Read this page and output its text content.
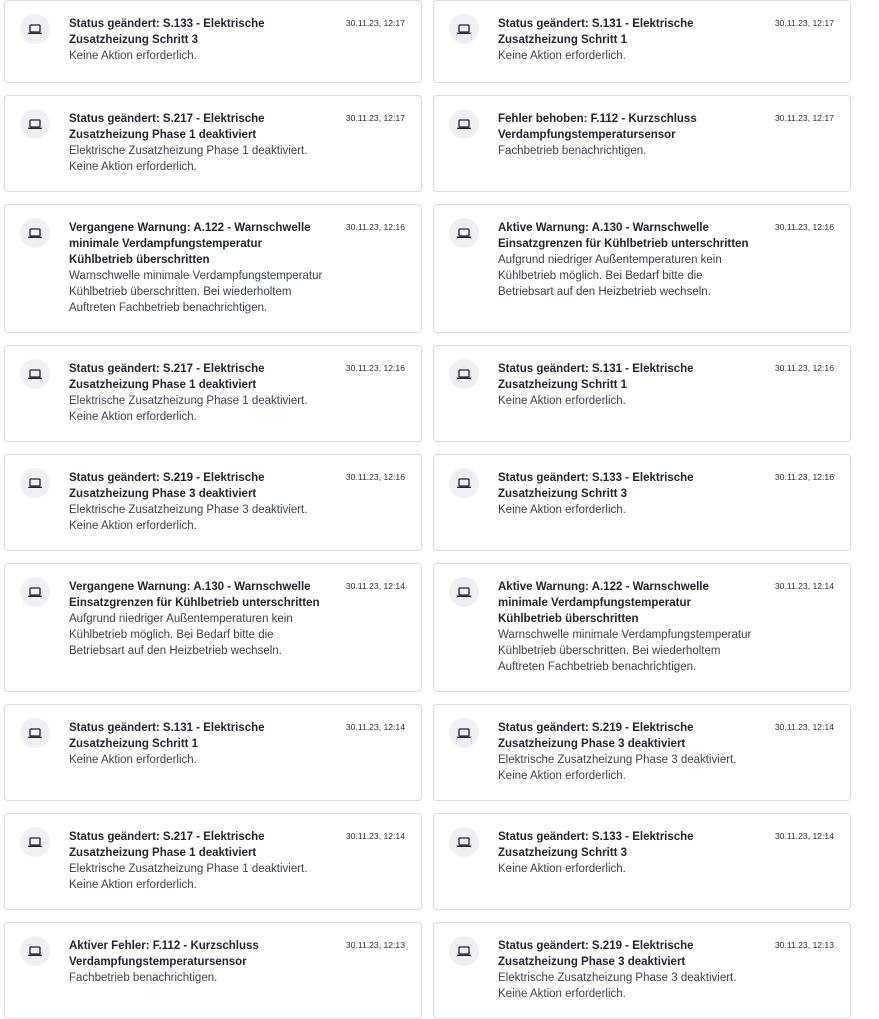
Status geändert: S.133 - Elektrische Zusatzheizung Schritt 3
Keine Aktion erforderlich.
30.11.23, 12:17	Status geändert: S.131 - Elektrische Zusatzheizung Schritt 1
Keine Aktion erforderlich.
30.11.23, 12:17
Status geändert: S.217 - Elektrische Zusatzheizung Phase 1 deaktiviert
Elektrische Zusatzheizung Phase 1 deaktiviert. Keine Aktion erforderlich.
30.11.23, 12:17	Fehler behoben: F.112 - Kurzschluss Verdampfungstemperatursensor
Fachbetrieb benachrichtigen.
30.11.23, 12:17
Vergangene Warnung: A.122 - Warnschwelle minimale Verdampfungstemperatur Kühlbetrieb überschritten
Warnschwelle minimale Verdampfungstemperatur Kühlbetrieb überschritten. Bei wiederholtem Auftreten Fachbetrieb benachrichtigen.
30.11.23, 12:16	Aktive Warnung: A.130 - Warnschwelle Einsatzgrenzen für Kühlbetrieb unterschritten
Aufgrund niedriger Außentemperaturen kein Kühlbetrieb möglich. Bei Bedarf bitte die Betriebsart auf den Heizbetrieb wechseln.
30.11.23, 12:16
Status geändert: S.217 - Elektrische Zusatzheizung Phase 1 deaktiviert
Elektrische Zusatzheizung Phase 1 deaktiviert. Keine Aktion erforderlich.
30.11.23, 12:16	Status geändert: S.131 - Elektrische Zusatzheizung Schritt 1
Keine Aktion erforderlich.
30.11.23, 12:16
Status geändert: S.219 - Elektrische Zusatzheizung Phase 3 deaktiviert
Elektrische Zusatzheizung Phase 3 deaktiviert. Keine Aktion erforderlich.
30.11.23, 12:16	Status geändert: S.133 - Elektrische Zusatzheizung Schritt 3
Keine Aktion erforderlich.
30.11.23, 12:16
Vergangene Warnung: A.130 - Warnschwelle Einsatzgrenzen für Kühlbetrieb unterschritten
Aufgrund niedriger Außentemperaturen kein Kühlbetrieb möglich. Bei Bedarf bitte die Betriebsart auf den Heizbetrieb wechseln.
30.11.23, 12:14	Aktive Warnung: A.122 - Warnschwelle minimale Verdampfungstemperatur Kühlbetrieb überschritten
Warnschwelle minimale Verdampfungstemperatur Kühlbetrieb überschritten. Bei wiederholtem Auftreten Fachbetrieb benachrichtigen.
30.11.23, 12:14
Status geändert: S.131 - Elektrische Zusatzheizung Schritt 1
Keine Aktion erforderlich.
30.11.23, 12:14	Status geändert: S.219 - Elektrische Zusatzheizung Phase 3 deaktiviert
Elektrische Zusatzheizung Phase 3 deaktiviert. Keine Aktion erforderlich.
30.11.23, 12:14
Status geändert: S.217 - Elektrische Zusatzheizung Phase 1 deaktiviert
Elektrische Zusatzheizung Phase 1 deaktiviert. Keine Aktion erforderlich.
30.11.23, 12:14	Status geändert: S.133 - Elektrische Zusatzheizung Schritt 3
Keine Aktion erforderlich.
30.11.23, 12:14
Aktiver Fehler: F.112 - Kurzschluss Verdampfungstemperatursensor
Fachbetrieb benachrichtigen.
30.11.23, 12:13	Status geändert: S.219 - Elektrische Zusatzheizung Phase 3 deaktiviert
Elektrische Zusatzheizung Phase 3 deaktiviert. Keine Aktion erforderlich.
30.11.23, 12:13
